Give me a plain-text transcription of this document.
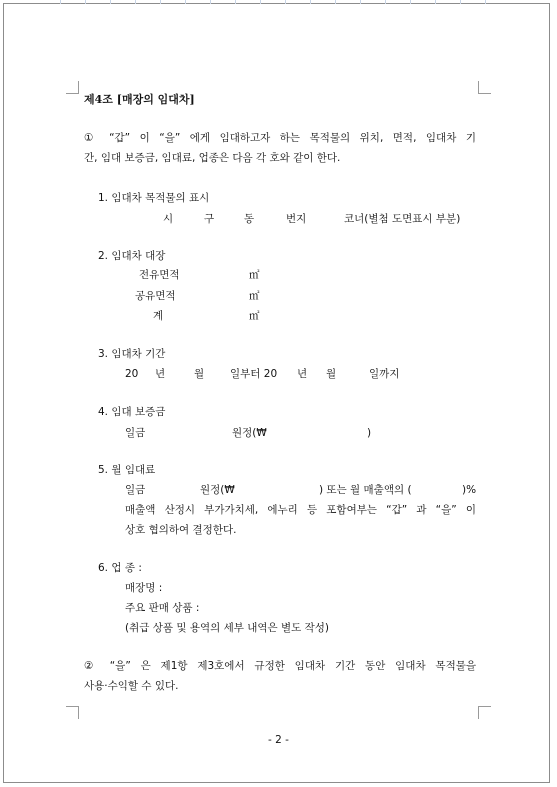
제4조 [매장의 임대차]
① “갑” 이 “을” 에게 임대하고자 하는 목적물의 위치, 면적, 임대차 기
간, 임대 보증금, 임대료, 업종은 다음 각 호와 같이 한다.
1. 임대차 목적물의 표시
시	구	동	번지	코너(별첨 도면표시 부분)
2. 임대차 대장
전유면적	㎡
공유면적	㎡
계	㎡
3. 임대차 기간
20 년	월 일부터 20 년 월	일까지
4. 임대 보증금
일금	원정(₩	)
5. 월 임대료
일금	원정(₩	) 또는 월 매출액의 (	)%
매출액 산정시 부가가치세, 에누리 등 포함여부는 “갑” 과 “을” 이
상호 협의하여 결정한다.
6. 업 종 :
매장명 :
주요 판매 상품 :
(취급 상품 및 용역의 세부 내역은 별도 작성)
② “을” 은 제1항 제3호에서 규정한 임대차 기간 동안 임대차 목적물을
사용·수익할 수 있다.
- 2 -
